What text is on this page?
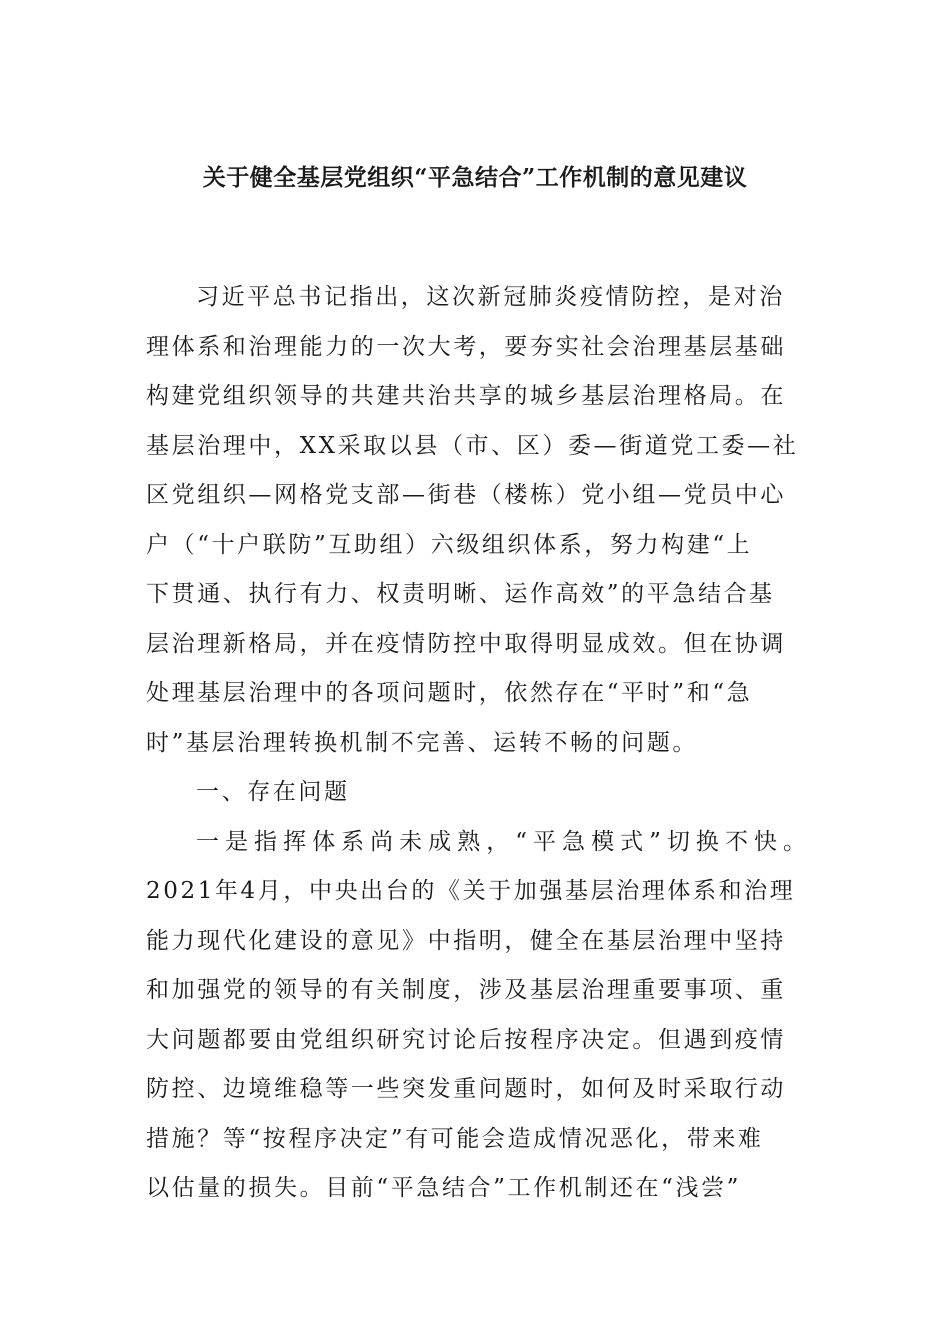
关于健全基层党组织“平急结合”工作机制的意见建议

习近平总书记指出，这次新冠肺炎疫情防控，是对治

理体系和治理能力的一次大考，要夯实社会治理基层基础

构建党组织领导的共建共治共享的城乡基层治理格局。在

基层治理中，XX采取以县（市、区）委—街道党工委—社

区党组织—网格党支部—街巷（楼栋）党小组—党员中心

户（“十户联防”互助组）六级组织体系，努力构建“上

下贯通、执行有力、权责明晰、运作高效”的平急结合基

层治理新格局，并在疫情防控中取得明显成效。但在协调

处理基层治理中的各项问题时，依然存在“平时”和“急

时”基层治理转换机制不完善、运转不畅的问题。

一、存在问题

一是指挥体系尚未成熟，“平急模式”切换不快。

2021年4月，中央出台的《关于加强基层治理体系和治理

能力现代化建设的意见》中指明，健全在基层治理中坚持

和加强党的领导的有关制度，涉及基层治理重要事项、重

大问题都要由党组织研究讨论后按程序决定。但遇到疫情

防控、边境维稳等一些突发重问题时，如何及时采取行动

措施？等“按程序决定”有可能会造成情况恶化，带来难

以估量的损失。目前“平急结合”工作机制还在“浅尝”
